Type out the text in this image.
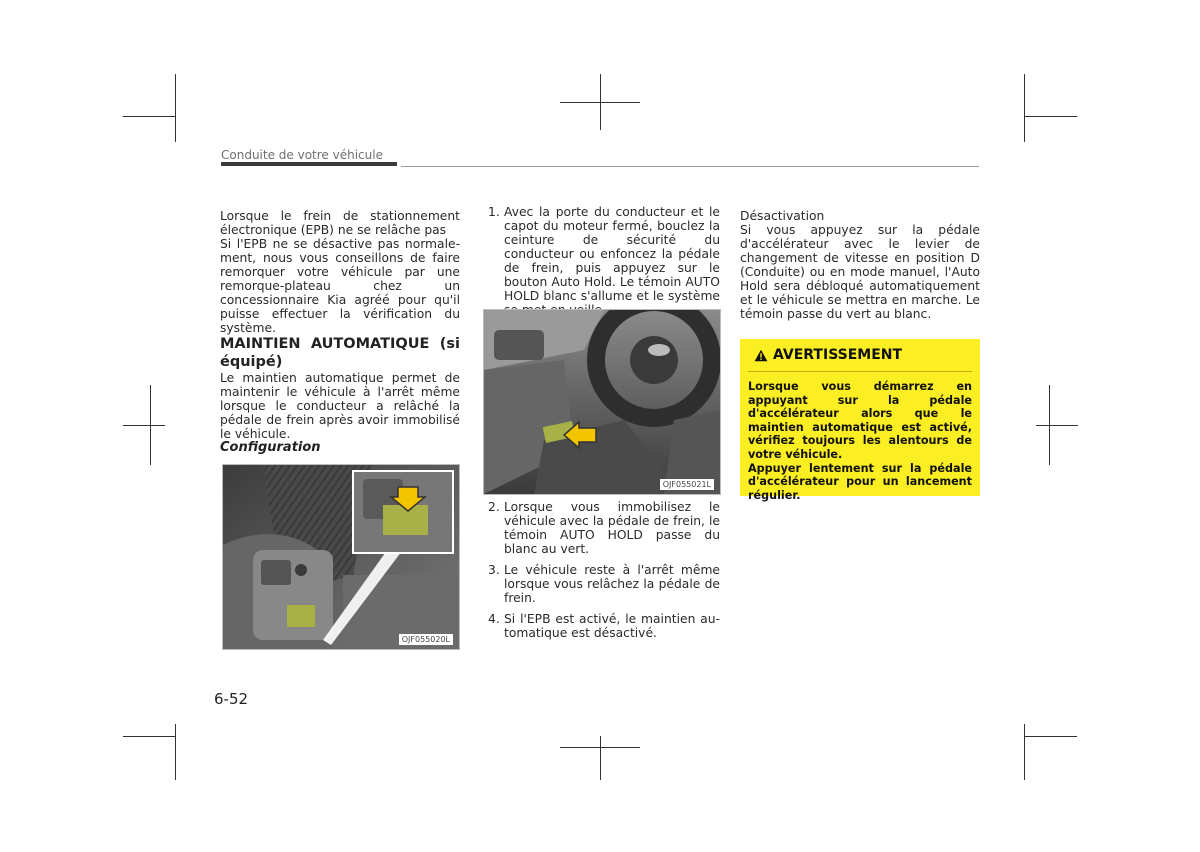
Conduite de votre véhicule

Lorsque le frein de stationnement électronique (EPB) ne se relâche pas

Si l'EPB ne se désactive pas normalement, nous vous conseillons de faire remorquer votre véhicule par une remorque-plateau chez un concessionnaire Kia agréé pour qu'il puisse effectuer la vérification du système.

MAINTIEN AUTOMATIQUE (si équipé)

Le maintien automatique permet de maintenir le véhicule à l'arrêt même lorsque le conducteur a relâché la pédale de frein après avoir immobilisé le véhicule.

Configuration

OJF055020L
1. Avec la porte du conducteur et le capot du moteur fermé, bouclez la ceinture de sécurité du conducteur ou enfoncez la pédale de frein, puis appuyez sur le bouton Auto Hold. Le témoin AUTO HOLD blanc s'allume et le système
OJF055021L
2. Lorsque vous immobilisez le véhicule avec la pédale de frein, le témoin AUTO HOLD passe du blanc au vert.
3. Le véhicule reste à l'arrêt même lorsque vous relâchez la pédale de frein.
4. Si l'EPB est activé, le maintien automatique est désactivé.

Désactivation

Si vous appuyez sur la pédale d'accélérateur avec le levier de changement de vitesse en position D (Conduite) ou en mode manuel, l'Auto Hold sera débloqué automatiquement et le véhicule se mettra en marche. Le témoin passe du vert au blanc.

AVERTISSEMENT

Lorsque vous démarrez en appuyant sur la pédale d'accélérateur alors que le maintien automatique est activé, vérifiez toujours les alentours de votre véhicule.

Appuyer lentement sur la pédale d'accélérateur pour un lancement régulier.

6-52
